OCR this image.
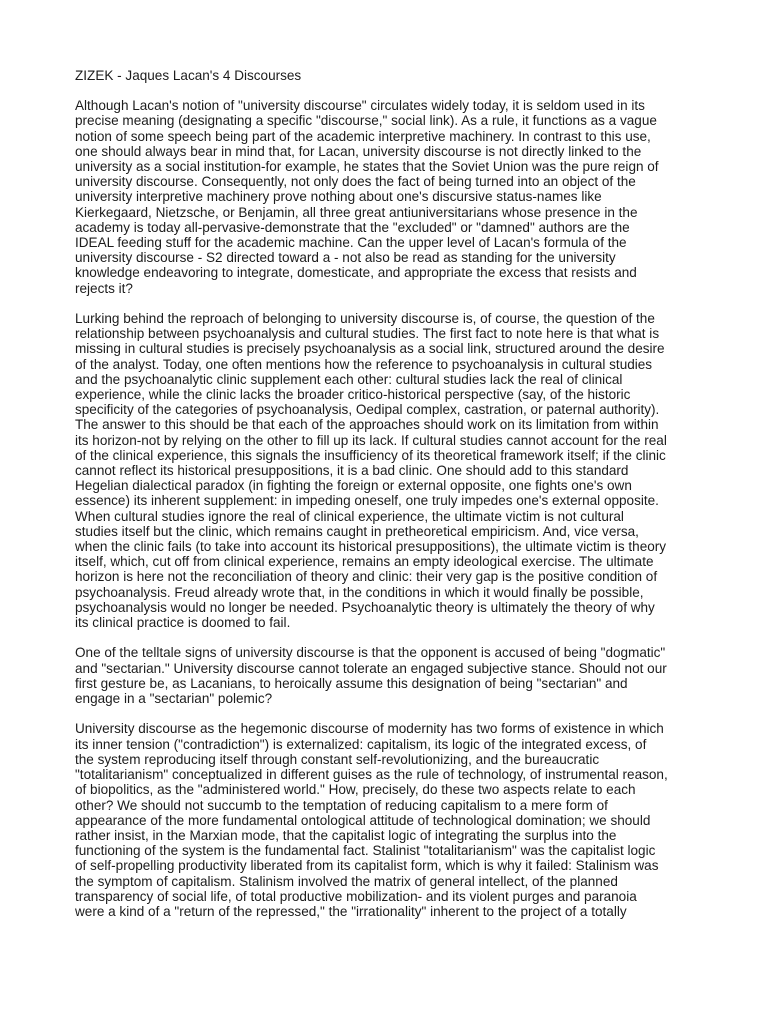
ZIZEK - Jaques Lacan's 4 Discourses
Although Lacan's notion of "university discourse" circulates widely today, it is seldom used in its
precise meaning (designating a specific "discourse," social link). As a rule, it functions as a vague
notion of some speech being part of the academic interpretive machinery. In contrast to this use,
one should always bear in mind that, for Lacan, university discourse is not directly linked to the
university as a social institution-for example, he states that the Soviet Union was the pure reign of
university discourse. Consequently, not only does the fact of being turned into an object of the
university interpretive machinery prove nothing about one's discursive status-names like
Kierkegaard, Nietzsche, or Benjamin, all three great antiuniversitarians whose presence in the
academy is today all-pervasive-demonstrate that the "excluded" or "damned" authors are the
IDEAL feeding stuff for the academic machine. Can the upper level of Lacan's formula of the
university discourse - S2 directed toward a - not also be read as standing for the university
knowledge endeavoring to integrate, domesticate, and appropriate the excess that resists and
rejects it?
Lurking behind the reproach of belonging to university discourse is, of course, the question of the
relationship between psychoanalysis and cultural studies. The first fact to note here is that what is
missing in cultural studies is precisely psychoanalysis as a social link, structured around the desire
of the analyst. Today, one often mentions how the reference to psychoanalysis in cultural studies
and the psychoanalytic clinic supplement each other: cultural studies lack the real of clinical
experience, while the clinic lacks the broader critico-historical perspective (say, of the historic
specificity of the categories of psychoanalysis, Oedipal complex, castration, or paternal authority).
The answer to this should be that each of the approaches should work on its limitation from within
its horizon-not by relying on the other to fill up its lack. If cultural studies cannot account for the real
of the clinical experience, this signals the insufficiency of its theoretical framework itself; if the clinic
cannot reflect its historical presuppositions, it is a bad clinic. One should add to this standard
Hegelian dialectical paradox (in fighting the foreign or external opposite, one fights one's own
essence) its inherent supplement: in impeding oneself, one truly impedes one's external opposite.
When cultural studies ignore the real of clinical experience, the ultimate victim is not cultural
studies itself but the clinic, which remains caught in pretheoretical empiricism. And, vice versa,
when the clinic fails (to take into account its historical presuppositions), the ultimate victim is theory
itself, which, cut off from clinical experience, remains an empty ideological exercise. The ultimate
horizon is here not the reconciliation of theory and clinic: their very gap is the positive condition of
psychoanalysis. Freud already wrote that, in the conditions in which it would finally be possible,
psychoanalysis would no longer be needed. Psychoanalytic theory is ultimately the theory of why
its clinical practice is doomed to fail.
One of the telltale signs of university discourse is that the opponent is accused of being "dogmatic"
and "sectarian." University discourse cannot tolerate an engaged subjective stance. Should not our
first gesture be, as Lacanians, to heroically assume this designation of being "sectarian" and
engage in a "sectarian" polemic?
University discourse as the hegemonic discourse of modernity has two forms of existence in which
its inner tension ("contradiction") is externalized: capitalism, its logic of the integrated excess, of
the system reproducing itself through constant self-revolutionizing, and the bureaucratic
"totalitarianism" conceptualized in different guises as the rule of technology, of instrumental reason,
of biopolitics, as the "administered world." How, precisely, do these two aspects relate to each
other? We should not succumb to the temptation of reducing capitalism to a mere form of
appearance of the more fundamental ontological attitude of technological domination; we should
rather insist, in the Marxian mode, that the capitalist logic of integrating the surplus into the
functioning of the system is the fundamental fact. Stalinist "totalitarianism" was the capitalist logic
of self-propelling productivity liberated from its capitalist form, which is why it failed: Stalinism was
the symptom of capitalism. Stalinism involved the matrix of general intellect, of the planned
transparency of social life, of total productive mobilization- and its violent purges and paranoia
were a kind of a "return of the repressed," the "irrationality" inherent to the project of a totally
